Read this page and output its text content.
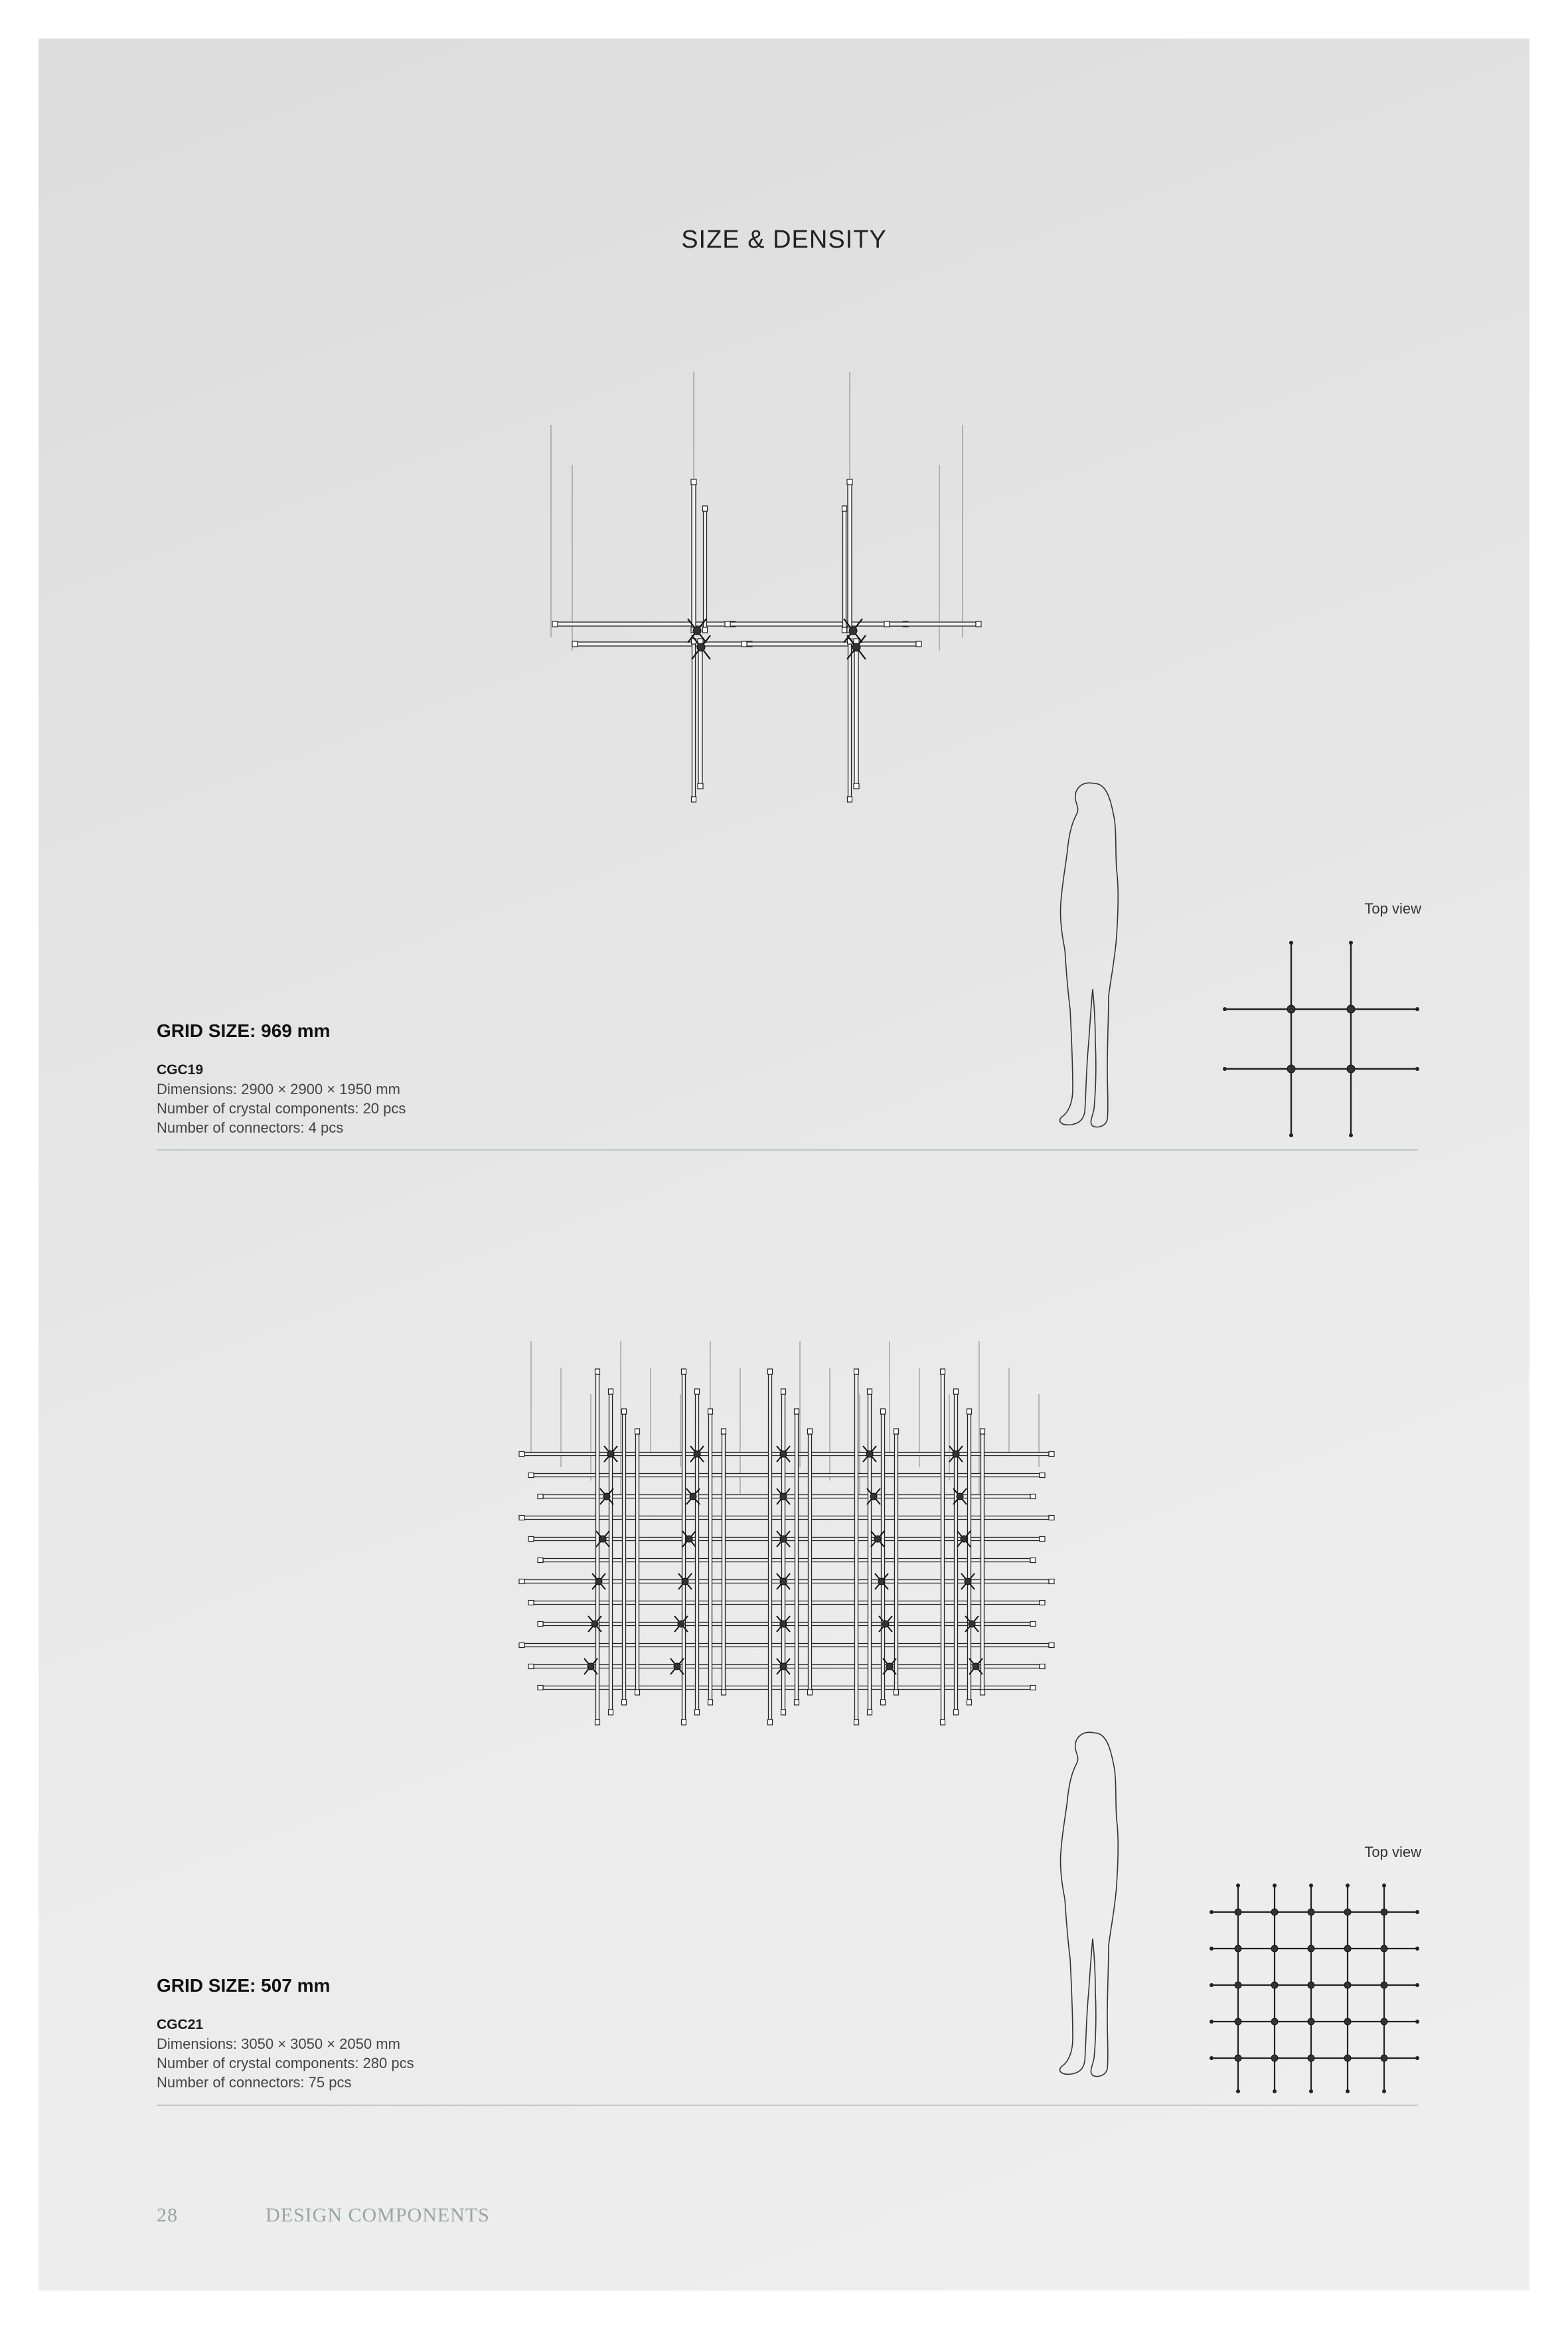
SIZE & DENSITY
Top view

GRID SIZE: 969 mm

CGC19

Dimensions: 2900 × 2900 × 1950 mm

Number of crystal components: 20 pcs

Number of connectors: 4 pcs

Top view

GRID SIZE: 507 mm

CGC21

Dimensions: 3050 × 3050 × 2050 mm

Number of crystal components: 280 pcs

Number of connectors: 75 pcs

28	DESIGN COMPONENTS
